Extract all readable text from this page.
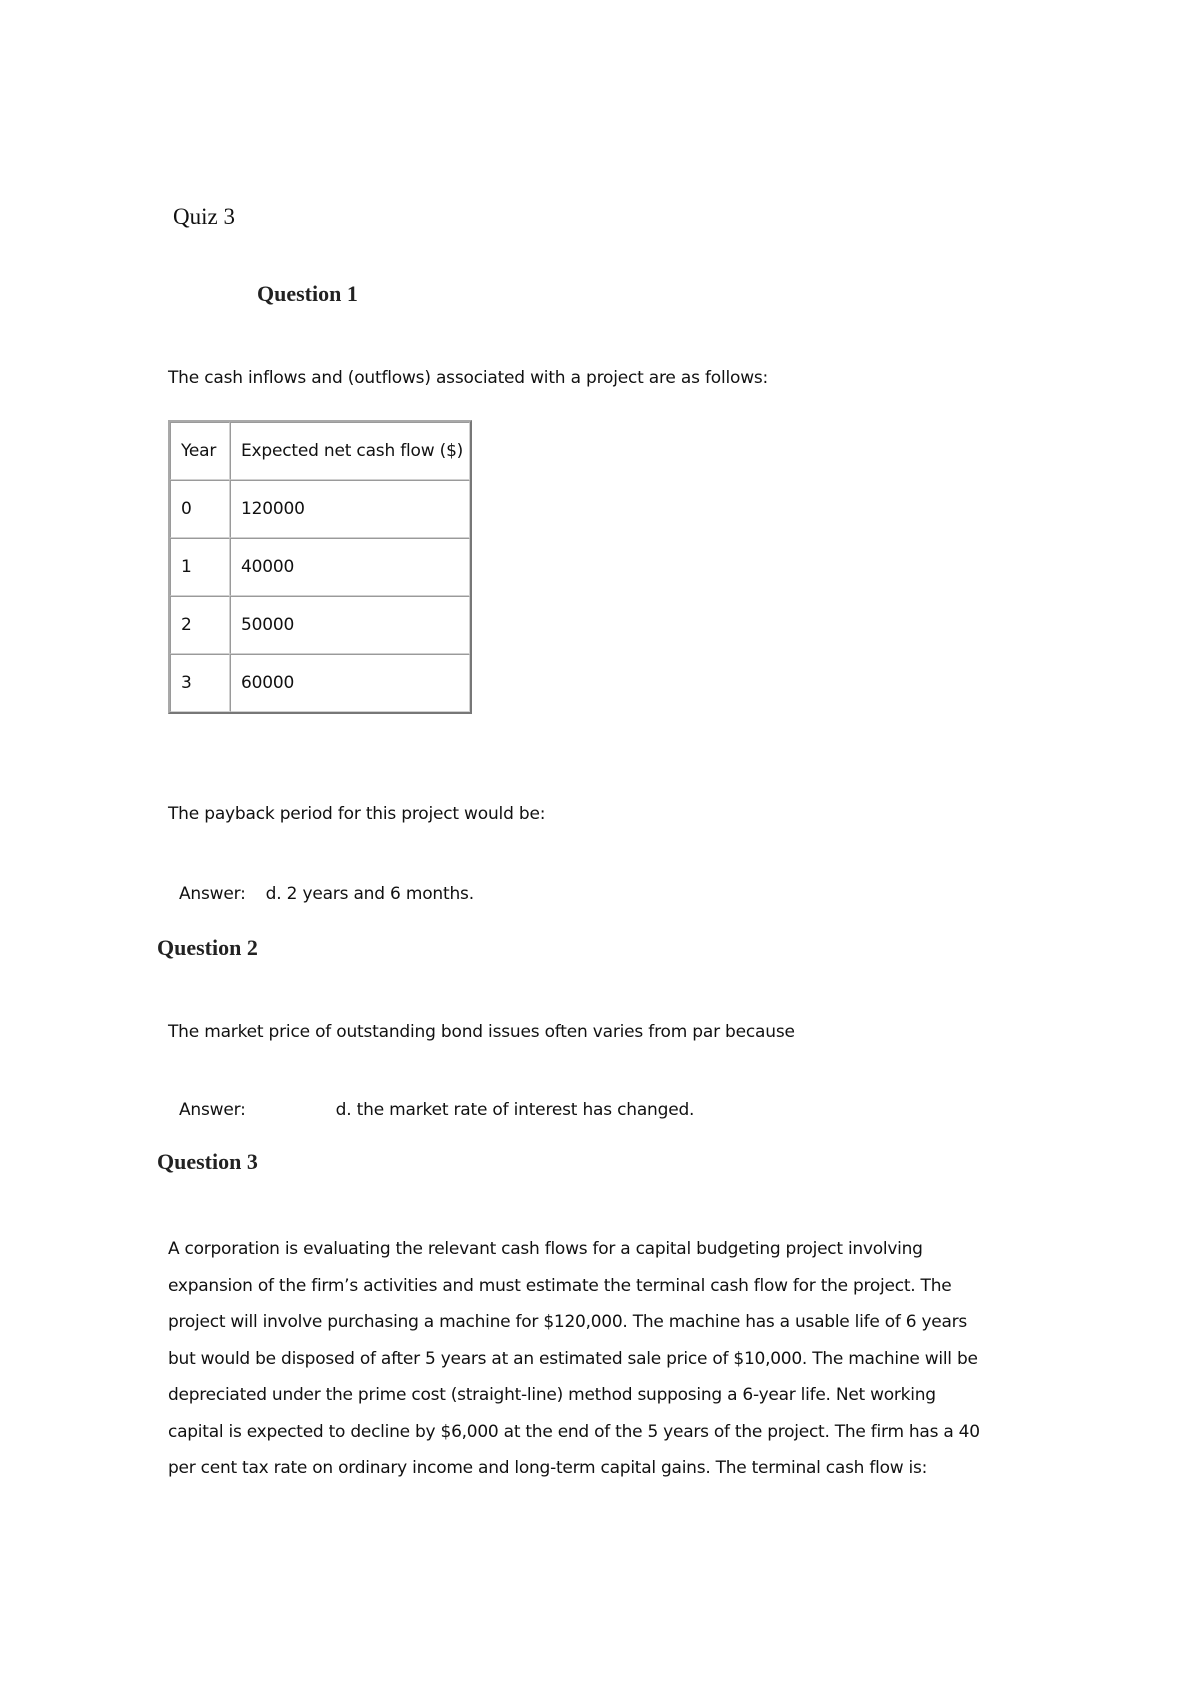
Quiz 3
Question 1
The cash inflows and (outflows) associated with a project are as follows:
Year	Expected net cash flow ($)
0	120000
1	40000
2	50000
3	60000
The payback period for this project would be:
Answer: d. 2 years and 6 months.
Question 2
The market price of outstanding bond issues often varies from par because
Answer:	d. the market rate of interest has changed.
Question 3
A corporation is evaluating the relevant cash flows for a capital budgeting project involving
expansion of the firm’s activities and must estimate the terminal cash flow for the project. The
project will involve purchasing a machine for $120,000. The machine has a usable life of 6 years
but would be disposed of after 5 years at an estimated sale price of $10,000. The machine will be
depreciated under the prime cost (straight-line) method supposing a 6-year life. Net working
capital is expected to decline by $6,000 at the end of the 5 years of the project. The firm has a 40
per cent tax rate on ordinary income and long-term capital gains. The terminal cash flow is:
